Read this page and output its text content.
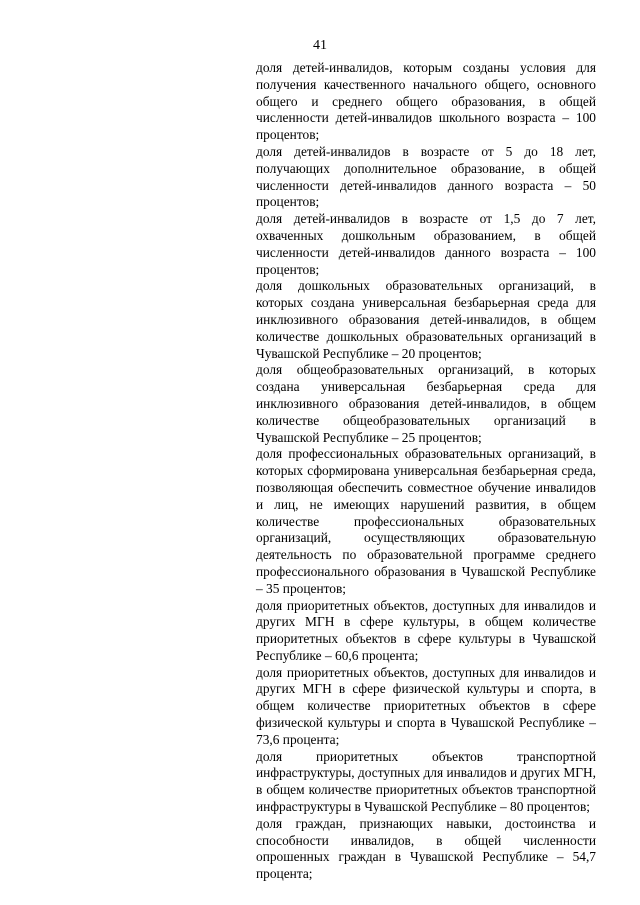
41

доля детей-инвалидов, которым созданы условия для получения качественного начального общего, основного общего и среднего общего образования, в общей численности детей-инвалидов школьного возраста – 100 процентов;

доля детей-инвалидов в возрасте от 5 до 18 лет, получающих дополнительное образование, в общей численности детей-инвалидов данного возраста – 50 процентов;

доля детей-инвалидов в возрасте от 1,5 до 7 лет, охваченных дошкольным образованием, в общей численности детей-инвалидов данного возраста – 100 процентов;

доля дошкольных образовательных организаций, в которых создана универсальная безбарьерная среда для инклюзивного образования детей-инвалидов, в общем количестве дошкольных образовательных организаций в Чувашской Республике – 20 процентов;

доля общеобразовательных организаций, в которых создана универсальная безбарьерная среда для инклюзивного образования детей-инвалидов, в общем количестве общеобразовательных организаций в Чувашской Республике – 25 процентов;

доля профессиональных образовательных организаций, в которых сформирована универсальная безбарьерная среда, позволяющая обеспечить совместное обучение инвалидов и лиц, не имеющих нарушений развития, в общем количестве профессиональных образовательных организаций, осуществляющих образовательную деятельность по образовательной программе среднего профессионального образования в Чувашской Республике – 35 процентов;

доля приоритетных объектов, доступных для инвалидов и других МГН в сфере культуры, в общем количестве приоритетных объектов в сфере культуры в Чувашской Республике – 60,6 процента;

доля приоритетных объектов, доступных для инвалидов и других МГН в сфере физической культуры и спорта, в общем количестве приоритетных объектов в сфере физической культуры и спорта в Чувашской Республике – 73,6 процента;

доля приоритетных объектов транспортной инфраструктуры, доступных для инвалидов и других МГН, в общем количестве приоритетных объектов транспортной инфраструктуры в Чувашской Республике – 80 процентов;

доля граждан, признающих навыки, достоинства и способности инвалидов, в общей численности опрошенных граждан в Чувашской Республике – 54,7 процента;
